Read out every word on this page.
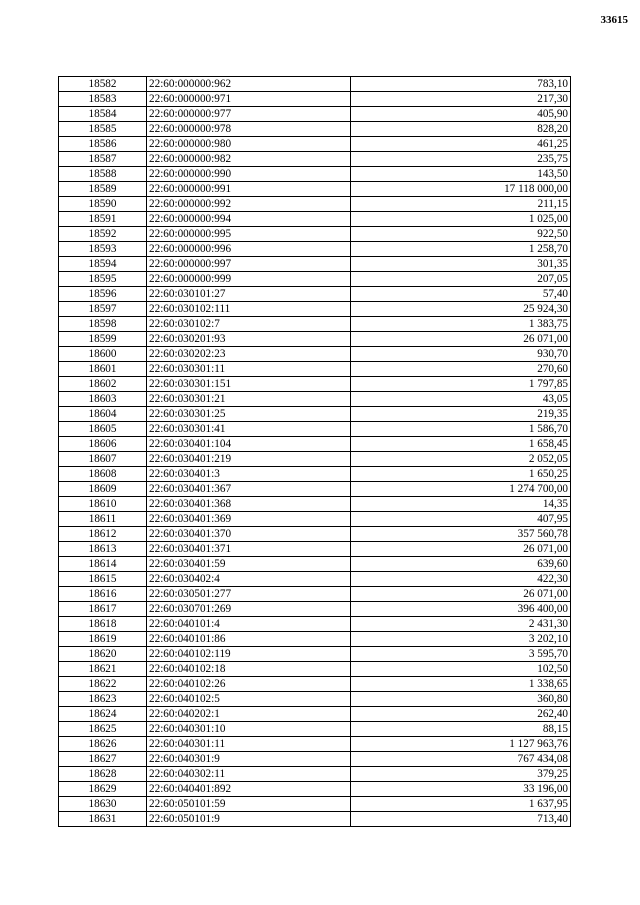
33615
18582	22:60:000000:962	783,10
18583	22:60:000000:971	217,30
18584	22:60:000000:977	405,90
18585	22:60:000000:978	828,20
18586	22:60:000000:980	461,25
18587	22:60:000000:982	235,75
18588	22:60:000000:990	143,50
18589	22:60:000000:991	17 118 000,00
18590	22:60:000000:992	211,15
18591	22:60:000000:994	1 025,00
18592	22:60:000000:995	922,50
18593	22:60:000000:996	1 258,70
18594	22:60:000000:997	301,35
18595	22:60:000000:999	207,05
18596	22:60:030101:27	57,40
18597	22:60:030102:111	25 924,30
18598	22:60:030102:7	1 383,75
18599	22:60:030201:93	26 071,00
18600	22:60:030202:23	930,70
18601	22:60:030301:11	270,60
18602	22:60:030301:151	1 797,85
18603	22:60:030301:21	43,05
18604	22:60:030301:25	219,35
18605	22:60:030301:41	1 586,70
18606	22:60:030401:104	1 658,45
18607	22:60:030401:219	2 052,05
18608	22:60:030401:3	1 650,25
18609	22:60:030401:367	1 274 700,00
18610	22:60:030401:368	14,35
18611	22:60:030401:369	407,95
18612	22:60:030401:370	357 560,78
18613	22:60:030401:371	26 071,00
18614	22:60:030401:59	639,60
18615	22:60:030402:4	422,30
18616	22:60:030501:277	26 071,00
18617	22:60:030701:269	396 400,00
18618	22:60:040101:4	2 431,30
18619	22:60:040101:86	3 202,10
18620	22:60:040102:119	3 595,70
18621	22:60:040102:18	102,50
18622	22:60:040102:26	1 338,65
18623	22:60:040102:5	360,80
18624	22:60:040202:1	262,40
18625	22:60:040301:10	88,15
18626	22:60:040301:11	1 127 963,76
18627	22:60:040301:9	767 434,08
18628	22:60:040302:11	379,25
18629	22:60:040401:892	33 196,00
18630	22:60:050101:59	1 637,95
18631	22:60:050101:9	713,40
